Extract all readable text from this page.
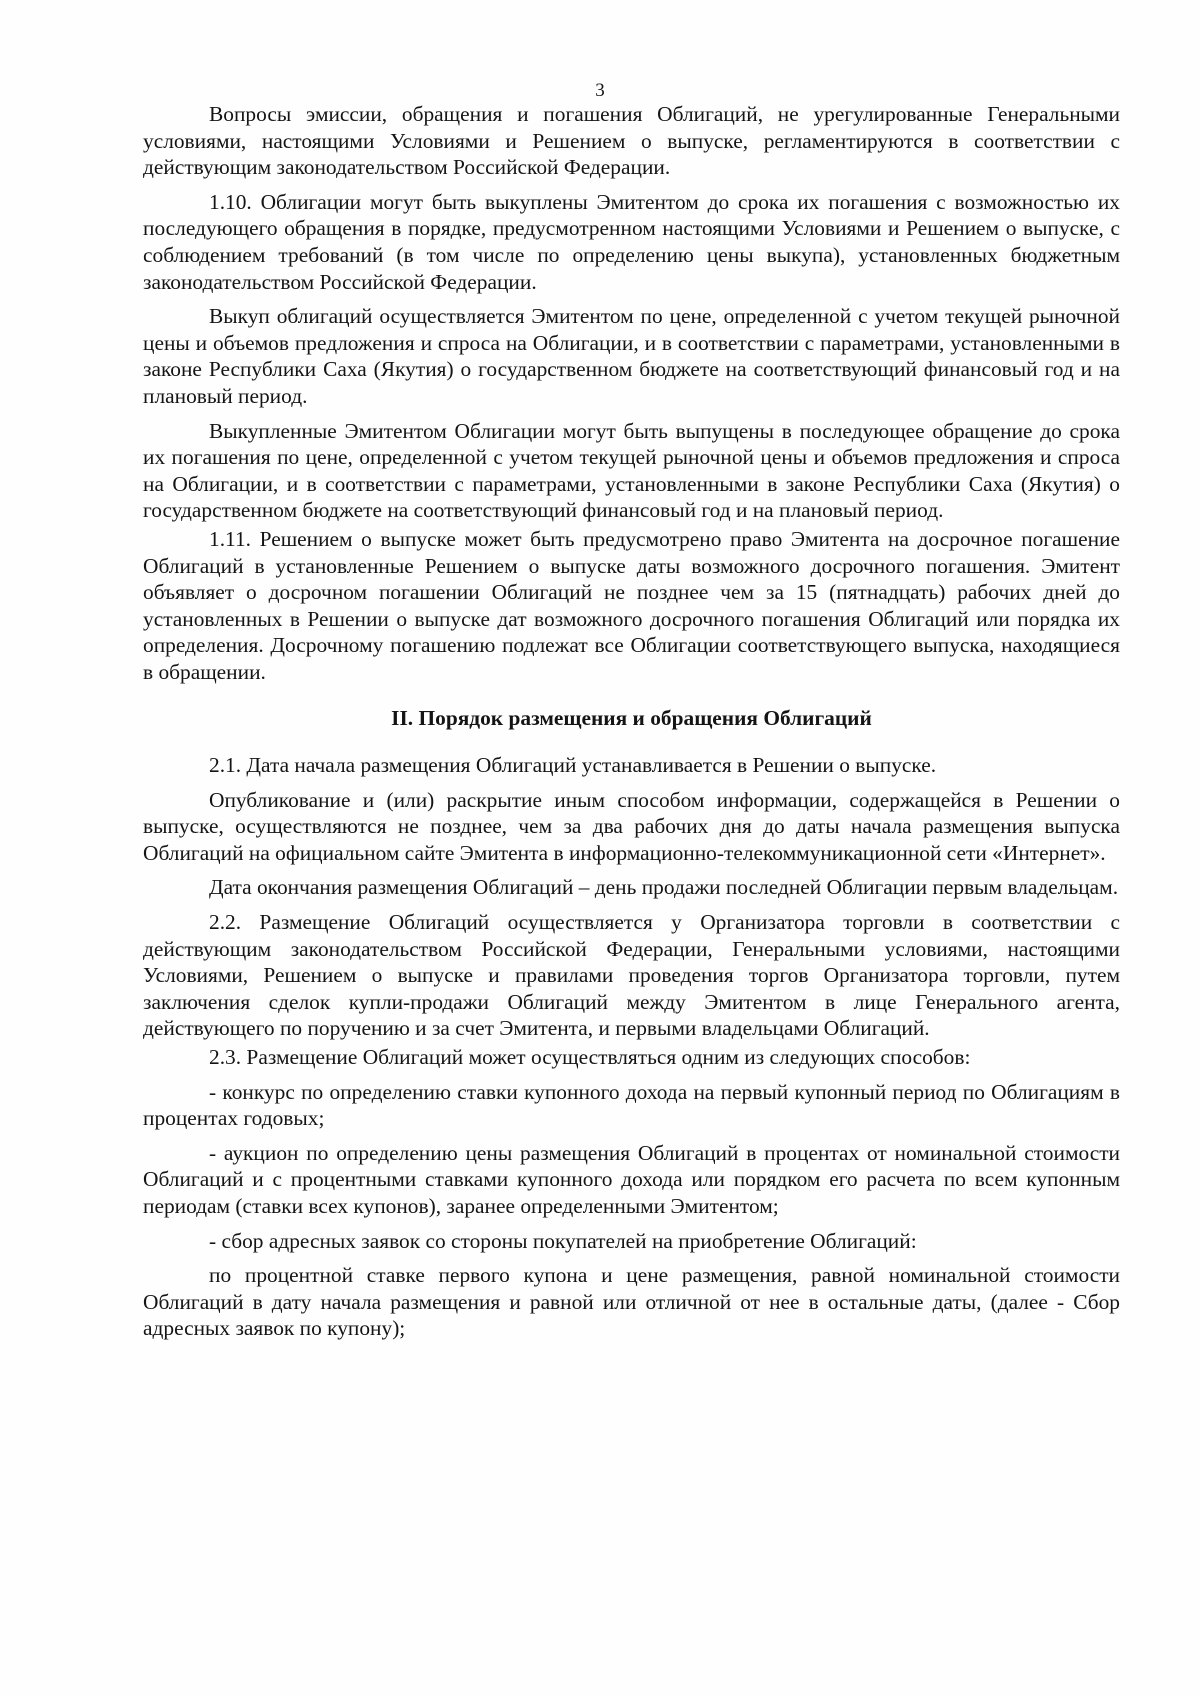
3

Вопросы эмиссии, обращения и погашения Облигаций, не урегулированные Генеральными условиями, настоящими Условиями и Решением о выпуске, регламентируются в соответствии с действующим законодательством Российской Федерации.

1.10. Облигации могут быть выкуплены Эмитентом до срока их погашения с возможностью их последующего обращения в порядке, предусмотренном настоящими Условиями и Решением о выпуске, с соблюдением требований (в том числе по определению цены выкупа), установленных бюджетным законодательством Российской Федерации.

Выкуп облигаций осуществляется Эмитентом по цене, определенной с учетом текущей рыночной цены и объемов предложения и спроса на Облигации, и в соответствии с параметрами, установленными в законе Республики Саха (Якутия) о государственном бюджете на соответствующий финансовый год и на плановый период.

Выкупленные Эмитентом Облигации могут быть выпущены в последующее обращение до срока их погашения по цене, определенной с учетом текущей рыночной цены и объемов предложения и спроса на Облигации, и в соответствии с параметрами, установленными в законе Республики Саха (Якутия) о государственном бюджете на соответствующий финансовый год и на плановый период.

1.11. Решением о выпуске может быть предусмотрено право Эмитента на досрочное погашение Облигаций в установленные Решением о выпуске даты возможного досрочного погашения. Эмитент объявляет о досрочном погашении Облигаций не позднее чем за 15 (пятнадцать) рабочих дней до установленных в Решении о выпуске дат возможного досрочного погашения Облигаций или порядка их определения. Досрочному погашению подлежат все Облигации соответствующего выпуска, находящиеся в обращении.

II. Порядок размещения и обращения Облигаций

2.1. Дата начала размещения Облигаций устанавливается в Решении о выпуске.

Опубликование и (или) раскрытие иным способом информации, содержащейся в Решении о выпуске, осуществляются не позднее, чем за два рабочих дня до даты начала размещения выпуска Облигаций на официальном сайте Эмитента в информационно-телекоммуникационной сети «Интернет».

Дата окончания размещения Облигаций – день продажи последней Облигации первым владельцам.

2.2. Размещение Облигаций осуществляется у Организатора торговли в соответствии с действующим законодательством Российской Федерации, Генеральными условиями, настоящими Условиями, Решением о выпуске и правилами проведения торгов Организатора торговли, путем заключения сделок купли-продажи Облигаций между Эмитентом в лице Генерального агента, действующего по поручению и за счет Эмитента, и первыми владельцами Облигаций.

2.3. Размещение Облигаций может осуществляться одним из следующих способов:

- конкурс по определению ставки купонного дохода на первый купонный период по Облигациям в процентах годовых;

- аукцион по определению цены размещения Облигаций в процентах от номинальной стоимости Облигаций и с процентными ставками купонного дохода или порядком его расчета по всем купонным периодам (ставки всех купонов), заранее определенными Эмитентом;

- сбор адресных заявок со стороны покупателей на приобретение Облигаций:

по процентной ставке первого купона и цене размещения, равной номинальной стоимости Облигаций в дату начала размещения и равной или отличной от нее в остальные даты, (далее - Сбор адресных заявок по купону);
